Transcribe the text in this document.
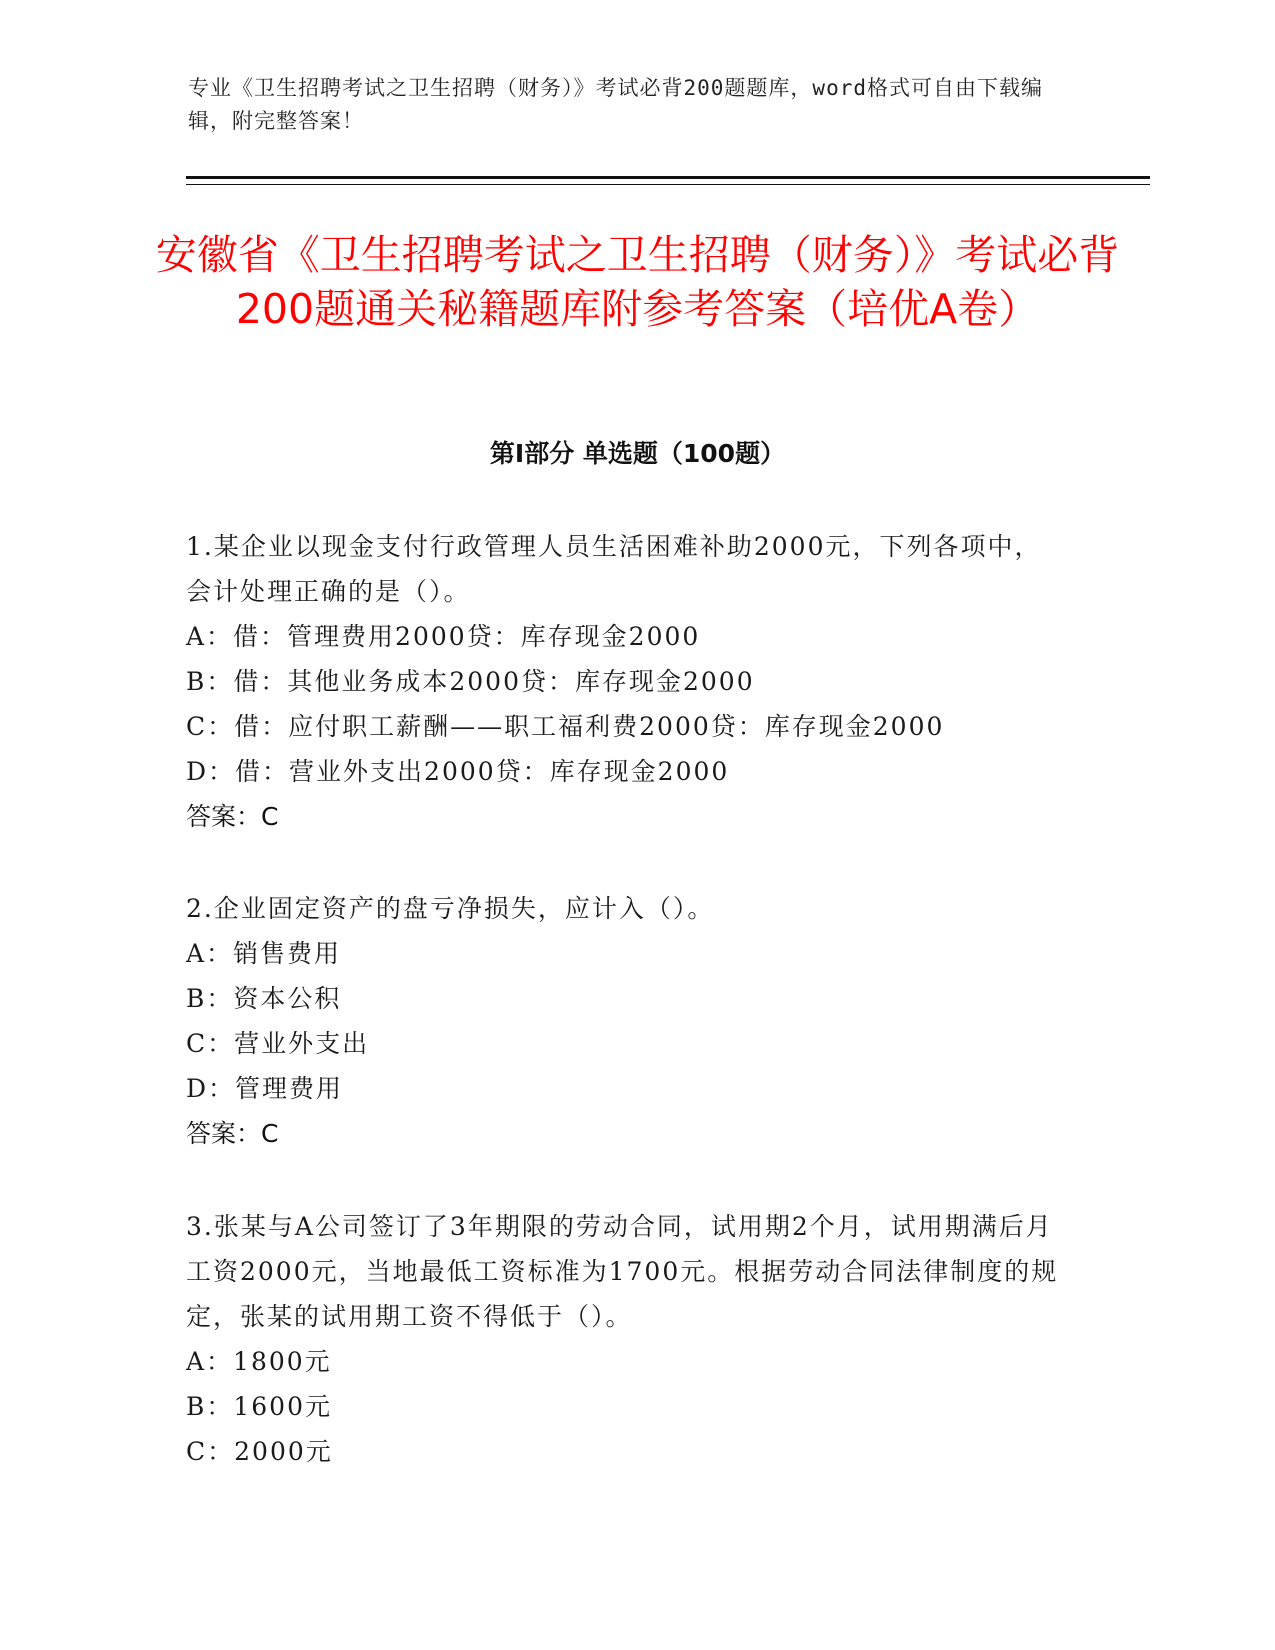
专业《卫生招聘考试之卫生招聘（财务）》考试必背200题题库，word格式可自由下载编辑，附完整答案！
安徽省《卫生招聘考试之卫生招聘（财务）》考试必背200题通关秘籍题库附参考答案（培优A卷）
第Ⅰ部分 单选题（100题）
1.某企业以现金支付行政管理人员生活困难补助2000元，下列各项中，会计处理正确的是（）。
A：借：管理费用2000贷：库存现金2000
B：借：其他业务成本2000贷：库存现金2000
C：借：应付职工薪酬——职工福利费2000贷：库存现金2000
D：借：营业外支出2000贷：库存现金2000
答案：C
2.企业固定资产的盘亏净损失，应计入（）。
A：销售费用
B：资本公积
C：营业外支出
D：管理费用
答案：C
3.张某与A公司签订了3年期限的劳动合同，试用期2个月，试用期满后月工资2000元，当地最低工资标准为1700元。根据劳动合同法律制度的规定，张某的试用期工资不得低于（）。
A：1800元
B：1600元
C：2000元
